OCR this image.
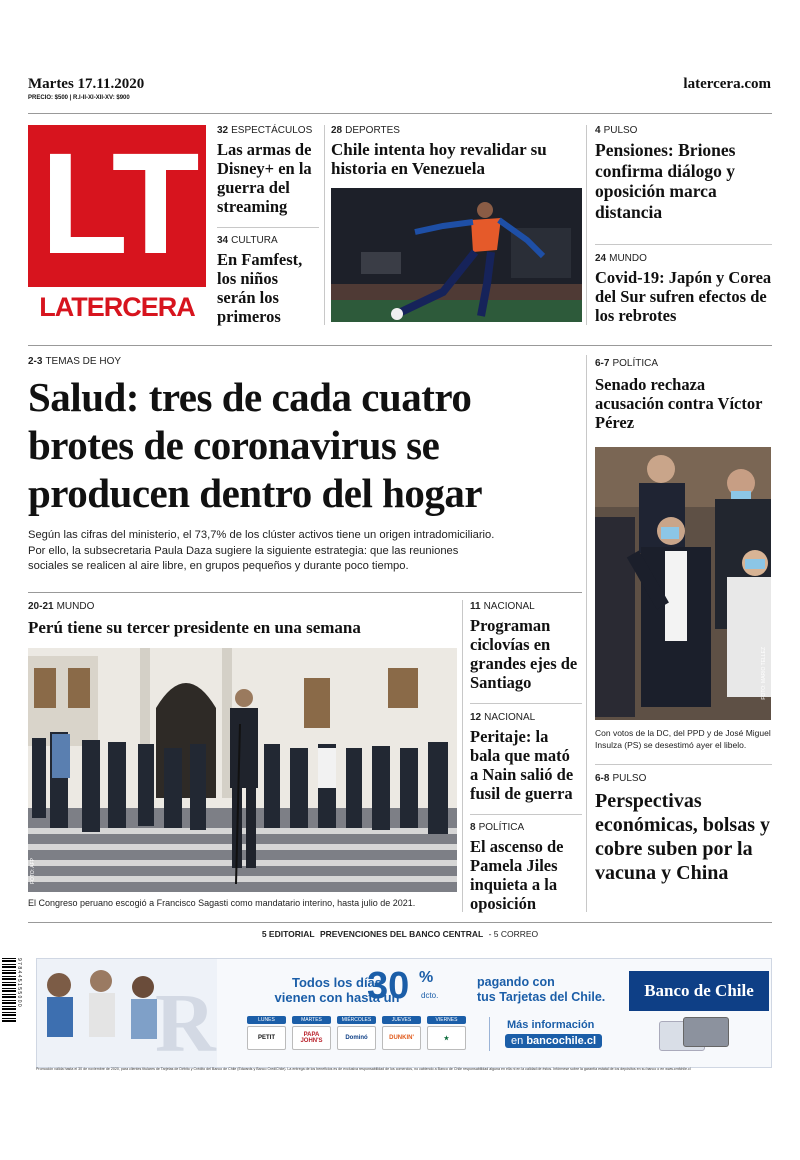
Martes 17.11.2020
PRECIO: $500 | R.I-II-XI-XII-XV: $900
latercera.com
LT
LATERCERA
32 ESPECTÁCULOS
Las armas de Disney+ en la guerra del streaming
34 CULTURA
En Famfest, los niños serán los primeros
28 DEPORTES
Chile intenta hoy revalidar su historia en Venezuela
4 PULSO
Pensiones: Briones confirma diálogo y oposición marca distancia
24 MUNDO
Covid-19: Japón y Corea del Sur sufren efectos de los rebrotes
2-3 TEMAS DE HOY
Salud: tres de cada cuatro
brotes de coronavirus se
producen dentro del hogar
Según las cifras del ministerio, el 73,7% de los clúster activos tiene un origen intradomiciliario.
Por ello, la subsecretaria Paula Daza sugiere la siguiente estrategia: que las reuniones
sociales se realicen al aire libre, en grupos pequeños y durante poco tiempo.
20-21 MUNDO
Perú tiene su tercer presidente en una semana
FOTO: AFP
El Congreso peruano escogió a Francisco Sagasti como mandatario interino, hasta julio de 2021.
11 NACIONAL
Programan ciclovías en grandes ejes de Santiago
12 NACIONAL
Peritaje: la bala que mató a Nain salió de fusil de guerra
8 POLÍTICA
El ascenso de Pamela Jiles inquieta a la oposición
6-7 POLÍTICA
Senado rechaza acusación contra Víctor Pérez
FOTO: MARIO TELLEZ
Con votos de la DC, del PPD y de José Miguel Insulza (PS) se desestimó ayer el libelo.
6-8 PULSO
Perspectivas económicas, bolsas y cobre suben por la vacuna y China
5 EDITORIAL PREVENCIONES DEL BANCO CENTRAL - 5 CORREO
9 7 8 4 4 5 1 5 5 0 0 0 R	Todos los días
vienen con hasta un
30 %
dcto.
pagando con
tus Tarjetas del Chile.	Banco de Chile
LUNES
PETIT
MARTES
PAPA JOHN'S
MIÉRCOLES
Dominó
JUEVES
DUNKIN'
VIERNES
★
Más información
en bancochile.cl
Promoción válida hasta el 30 de noviembre de 2020, para clientes titulares de Tarjetas de Débito y Crédito del Banco de Chile (Edwards y Banco CrediChile). La entrega de los beneficios es de exclusiva responsabilidad de los comercios, no cabiendo a Banco de Chile responsabilidad alguna en ella ni en la calidad de éstos. Infórmese sobre la garantía estatal de los depósitos en su banco o en www.cmfchile.cl
